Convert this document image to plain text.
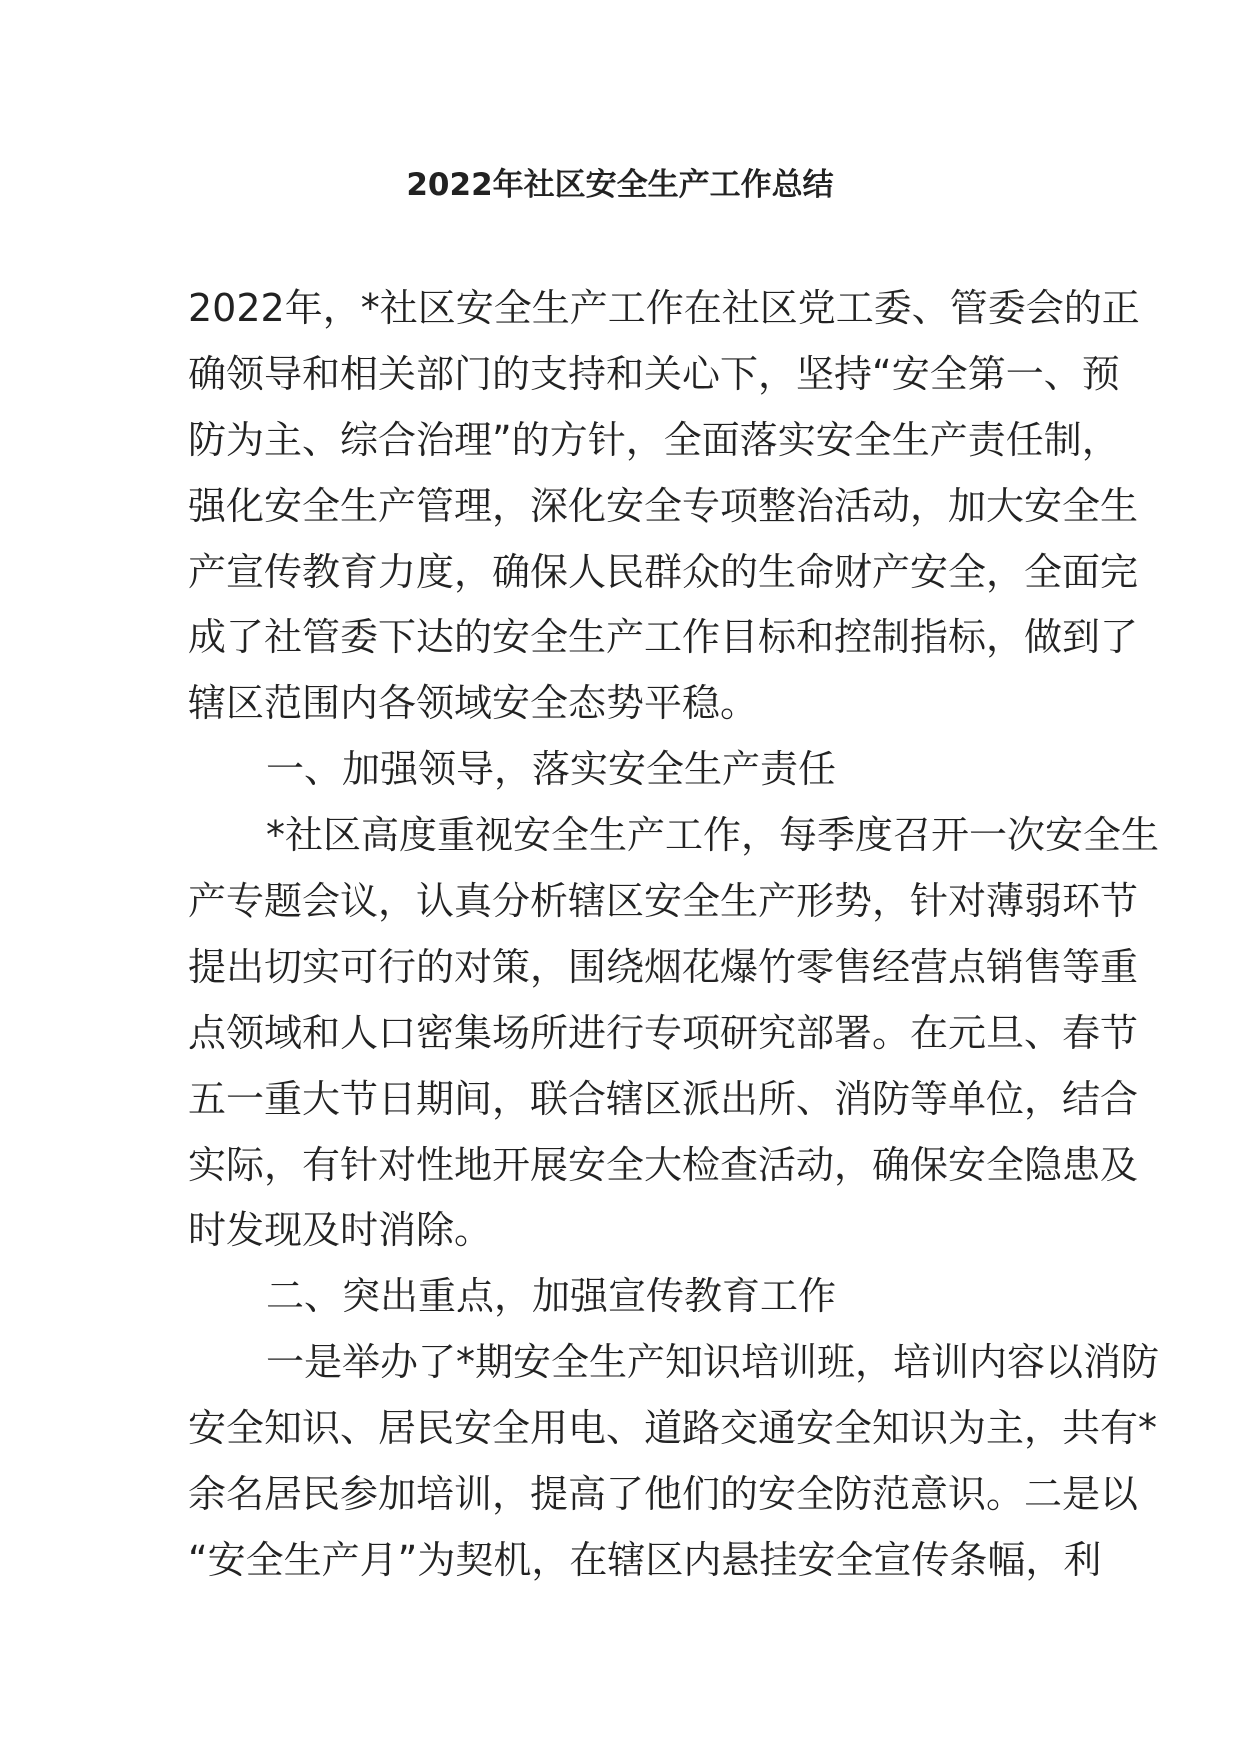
2022年社区安全生产工作总结
2022年，*社区安全生产工作在社区党工委、管委会的正
确领导和相关部门的支持和关心下，坚持“安全第一、预
防为主、综合治理”的方针，全面落实安全生产责任制，
强化安全生产管理，深化安全专项整治活动，加大安全生
产宣传教育力度，确保人民群众的生命财产安全，全面完
成了社管委下达的安全生产工作目标和控制指标，做到了
辖区范围内各领域安全态势平稳。
一、加强领导，落实安全生产责任
*社区高度重视安全生产工作，每季度召开一次安全生
产专题会议，认真分析辖区安全生产形势，针对薄弱环节
提出切实可行的对策，围绕烟花爆竹零售经营点销售等重
点领域和人口密集场所进行专项研究部署。在元旦、春节
五一重大节日期间，联合辖区派出所、消防等单位，结合
实际，有针对性地开展安全大检查活动，确保安全隐患及
时发现及时消除。
二、突出重点，加强宣传教育工作
一是举办了*期安全生产知识培训班，培训内容以消防
安全知识、居民安全用电、道路交通安全知识为主，共有*
余名居民参加培训，提高了他们的安全防范意识。二是以
“安全生产月”为契机，在辖区内悬挂安全宣传条幅，利
